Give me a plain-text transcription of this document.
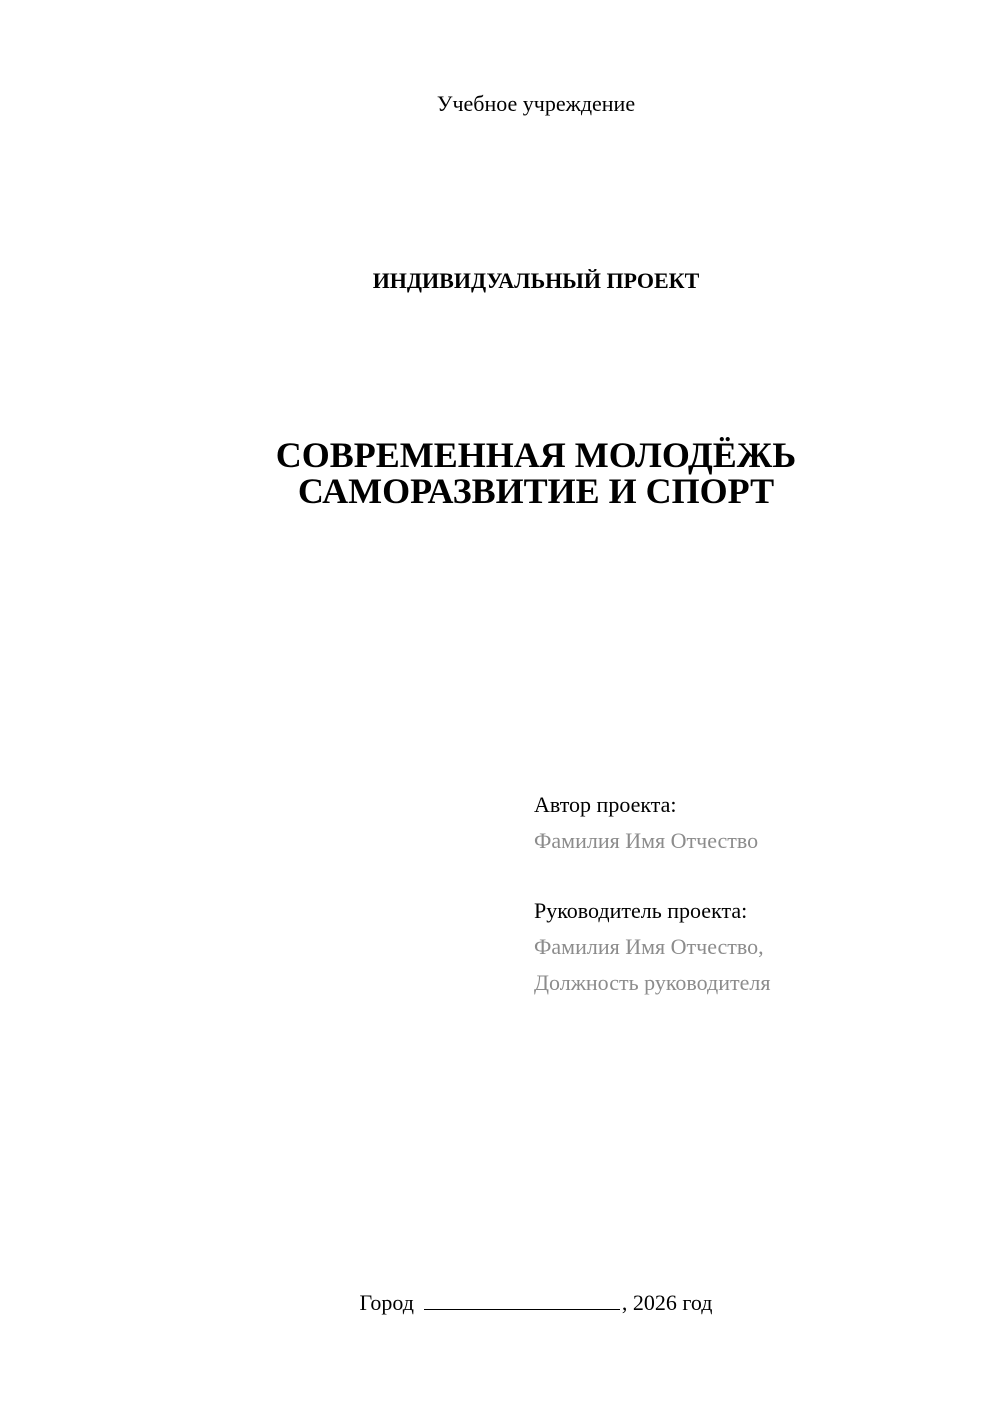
Учебное учреждение
ИНДИВИДУАЛЬНЫЙ ПРОЕКТ
СОВРЕМЕННАЯ МОЛОДЁЖЬ
САМОРАЗВИТИЕ И СПОРТ
Автор проекта:
Фамилия Имя Отчество
Руководитель проекта:
Фамилия Имя Отчество,
Должность руководителя
Город	, 2026 год
